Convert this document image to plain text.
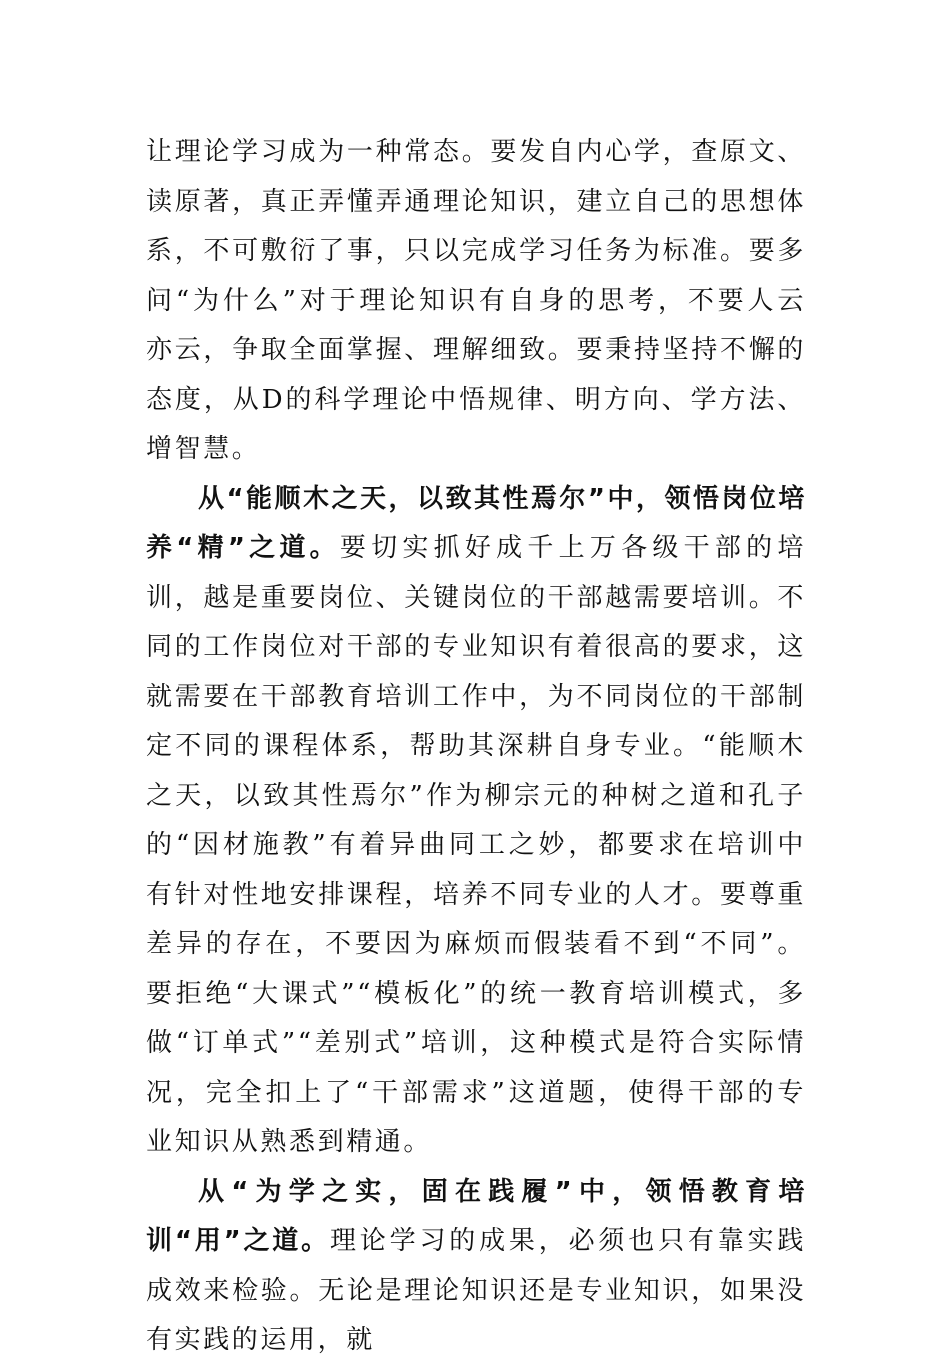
让理论学习成为一种常态。要发自内心学，查原文、读原著，真正弄懂弄通理论知识，建立自己的思想体系，不可敷衍了事，只以完成学习任务为标准。要多问“为什么”对于理论知识有自身的思考，不要人云亦云，争取全面掌握、理解细致。要秉持坚持不懈的态度，从D的科学理论中悟规律、明方向、学方法、增智慧。

从“能顺木之天，以致其性焉尔”中，领悟岗位培养“精”之道。要切实抓好成千上万各级干部的培训，越是重要岗位、关键岗位的干部越需要培训。不同的工作岗位对干部的专业知识有着很高的要求，这就需要在干部教育培训工作中，为不同岗位的干部制定不同的课程体系，帮助其深耕自身专业。“能顺木之天，以致其性焉尔”作为柳宗元的种树之道和孔子的“因材施教”有着异曲同工之妙，都要求在培训中有针对性地安排课程，培养不同专业的人才。要尊重差异的存在，不要因为麻烦而假装看不到“不同”。要拒绝“大课式”“模板化”的统一教育培训模式，多做“订单式”“差别式”培训，这种模式是符合实际情况，完全扣上了“干部需求”这道题，使得干部的专业知识从熟悉到精通。

从“为学之实，固在践履”中，领悟教育培训“用”之道。理论学习的成果，必须也只有靠实践成效来检验。无论是理论知识还是专业知识，如果没有实践的运用，就
